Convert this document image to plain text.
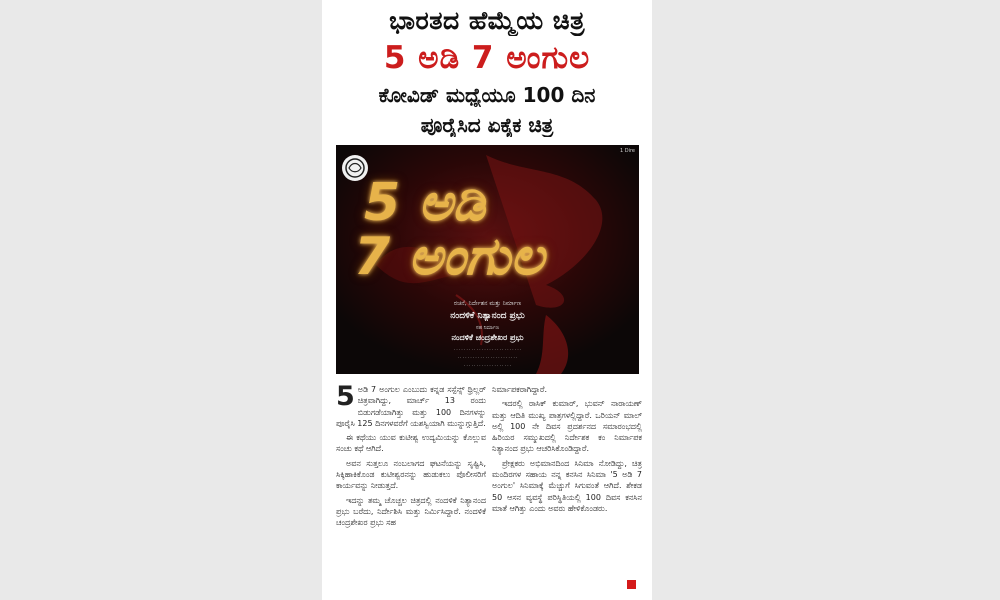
ಭಾರತದ ಹೆಮ್ಮೆಯ ಚಿತ್ರ
5 ಅಡಿ 7 ಅಂಗುಲ
ಕೋವಿಡ್ ಮಧ್ಯೆಯೂ 100 ದಿನ
ಪೂರೈಸಿದ ಏಕೈಕ ಚಿತ್ರ
1 Dire
5 ಅಡಿ
7 ಅಂಗುಲ
ರಚನೆ, ನಿರ್ದೇಶನ ಮತ್ತು ನಿರ್ಮಾಣ
ನಂದಳಿಕೆ ನಿತ್ಯಾನಂದ ಪ್ರಭು
ಸಹ ನಿರ್ಮಾಣ
ನಂದಳಿಕೆ ಚಂದ್ರಶೇಖರ ಪ್ರಭು
· · · · · · · · · · · · · · · · · · · · · · · · · · ·
· · · · · · · · · · · · · · · · · · · · · · · ·
· · · · · · · · · · · · · · · · · · ·

5 ಅಡಿ 7 ಅಂಗುಲ ಎಂಬುದು ಕನ್ನಡ ಸಸ್ಪೆನ್ಸ್ ಥ್ರಿಲ್ಲರ್ ಚಿತ್ರವಾಗಿದ್ದು, ಮಾರ್ಚ್ 13 ರಂದು ಬಿಡುಗಡೆಯಾಗಿತ್ತು ಮತ್ತು 100 ದಿನಗಳನ್ನು ಪೂರೈಸಿ 125 ದಿನಗಳವರೆಗೆ ಯಶಸ್ವಿಯಾಗಿ ಮುನ್ನುಗ್ಗುತ್ತಿದೆ.

ಈ ಕಥೆಯು ಯುವ ಕುಟೀಶ್ವ ಉದ್ಯಮಿಯನ್ನು ಕೊಲ್ಲುವ ಸಂಚು ಕಥೆ ಆಗಿದೆ.

ಅವನ ಸುತ್ತಲೂ ನಂಬಲಾಗದ ಘಟನೆಯನ್ನು ಸೃಷ್ಟಿಸಿ, ಸಿಕ್ಕಿಹಾಕಿಕೊಂಡ ಕುಟೀಶ್ವರನನ್ನು ಹುಡುಕಲು ಪೊಲೀಸರಿಗೆ ಕಾರ್ಯವನ್ನು ನೀಡುತ್ತದೆ.

ಇದನ್ನು ತಮ್ಮ ಚೊಚ್ಚಲ ಚಿತ್ರದಲ್ಲಿ ನಂದಳಿಕೆ ನಿತ್ಯಾನಂದ ಪ್ರಭು ಬರೆದು, ನಿರ್ದೇಶಿಸಿ ಮತ್ತು ನಿರ್ಮಿಸಿದ್ದಾರೆ. ನಂದಳಿಕೆ ಚಂದ್ರಶೇಖರ ಪ್ರಭು ಸಹ

ನಿರ್ಮಾಪಕರಾಗಿದ್ದಾರೆ.

ಇದರಲ್ಲಿ ರಾಸಿಕ್ ಕುಮಾರ್, ಭುವನ್ ನಾರಾಯಣ್ ಮತ್ತು ಆದಿತಿ ಮುಖ್ಯ ಪಾತ್ರಗಳಲ್ಲಿದ್ದಾರೆ. ಒರಿಯನ್ ಮಾಲ್ ಅಲ್ಲಿ 100 ನೇ ದಿವಸ ಪ್ರದರ್ಶನದ ಸಮಾರಂಭದಲ್ಲಿ ಹಿರಿಯರ ಸಮ್ಮುಖದಲ್ಲಿ ನಿರ್ದೇಶಕ ಕಂ ನಿರ್ಮಾಪಕ ನಿತ್ಯಾನಂದ ಪ್ರಭು ಆಚರಿಸಿಕೊಂಡಿದ್ದಾರೆ.

ಪ್ರೇಕ್ಷಕರು ಅಭಿಮಾನದಿಂದ ಸಿನಿಮಾ ನೋಡಿದ್ದು, ಚಿತ್ರ ಮಂದಿರಗಳ ಸಹಾಯ ನನ್ನ ಕನಸಿನ ಸಿನಿಮಾ '5 ಅಡಿ 7 ಅಂಗುಲ' ಸಿನಿಮಾಕ್ಕೆ ಮೆಚ್ಚುಗೆ ಸಿಗುವಂತೆ ಆಗಿದೆ. ಶೇಕಡ 50 ಆಸನ ವ್ಯವಸ್ಥೆ ಪರಿಸ್ಥಿತಿಯಲ್ಲಿ 100 ದಿವಸ ಕನಸಿನ ಮಾತೆ ಆಗಿತ್ತು ಎಂದು ಅವರು ಹೇಳಿಕೊಂಡರು.
